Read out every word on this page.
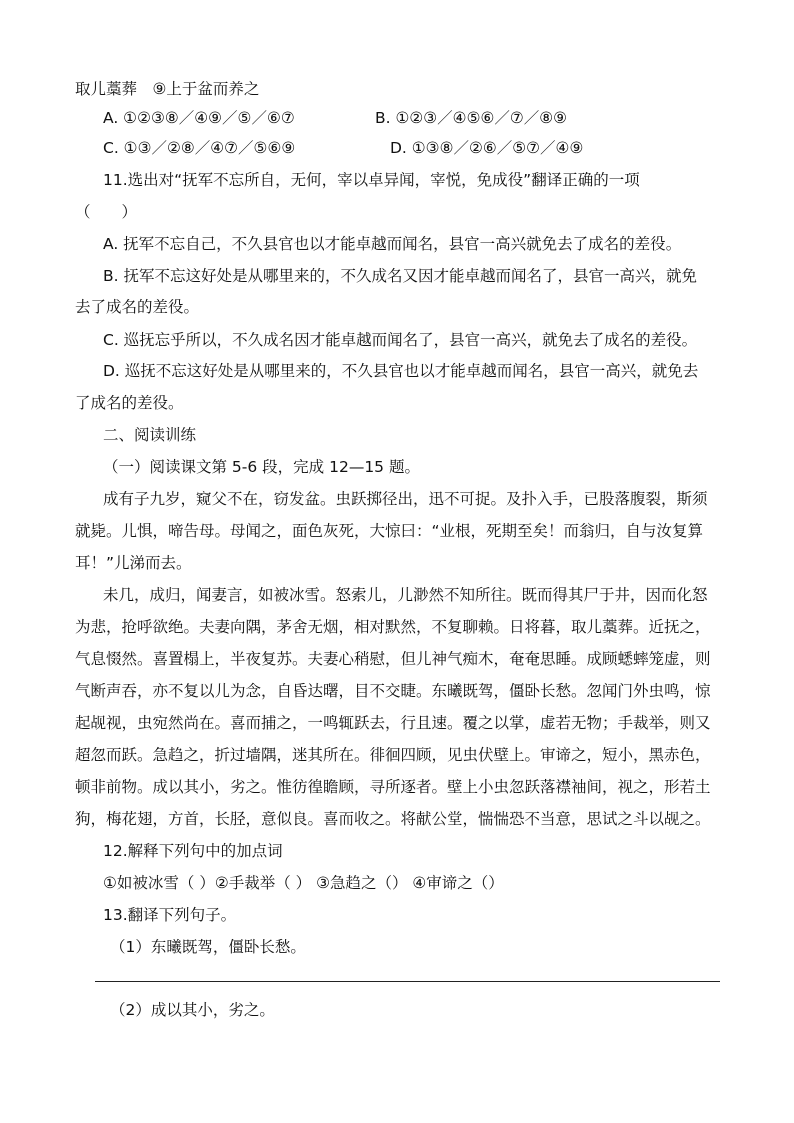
取儿藁葬　⑨上于盆而养之
A. ①②③⑧／④⑨／⑤／⑥⑦	B. ①②③／④⑤⑥／⑦／⑧⑨
C. ①③／②⑧／④⑦／⑤⑥⑨	D. ①③⑧／②⑥／⑤⑦／④⑨
11.选出对“抚军不忘所自，无何，宰以卓异闻，宰悦，免成役”翻译正确的一项
（　　）
A. 抚军不忘自己，不久县官也以才能卓越而闻名，县官一高兴就免去了成名的差役。
B. 抚军不忘这好处是从哪里来的，不久成名又因才能卓越而闻名了，县官一高兴，就免
去了成名的差役。
C. 巡抚忘乎所以，不久成名因才能卓越而闻名了，县官一高兴，就免去了成名的差役。
D. 巡抚不忘这好处是从哪里来的，不久县官也以才能卓越而闻名，县官一高兴，就免去
了成名的差役。
二、阅读训练
（一）阅读课文第 5-6 段，完成 12—15 题。
成有子九岁，窥父不在，窃发盆。虫跃掷径出，迅不可捉。及扑入手，已股落腹裂，斯须
就毙。儿惧，啼告母。母闻之，面色灰死，大惊曰：“业根，死期至矣！而翁归，自与汝复算
耳！”儿涕而去。
未几，成归，闻妻言，如被冰雪。怒索儿，儿渺然不知所往。既而得其尸于井，因而化怒
为悲，抢呼欲绝。夫妻向隅，茅舍无烟，相对默然，不复聊赖。日将暮，取儿藁葬。近抚之，
气息惙然。喜置榻上，半夜复苏。夫妻心稍慰，但儿神气痴木，奄奄思睡。成顾蟋蟀笼虚，则
气断声吞，亦不复以儿为念，自昏达曙，目不交睫。东曦既驾，僵卧长愁。忽闻门外虫鸣，惊
起觇视，虫宛然尚在。喜而捕之，一鸣辄跃去，行且速。覆之以掌，虚若无物；手裁举，则又
超忽而跃。急趋之，折过墙隅，迷其所在。徘徊四顾，见虫伏壁上。审谛之，短小，黑赤色，
顿非前物。成以其小，劣之。惟彷徨瞻顾，寻所逐者。壁上小虫忽跃落襟袖间，视之，形若土
狗，梅花翅，方首，长胫，意似良。喜而收之。将献公堂，惴惴恐不当意，思试之斗以觇之。
12.解释下列句中的加点词
①如被冰雪（ ）②手裁举（ ） ③急趋之（） ④审谛之（）
13.翻译下列句子。
（1）东曦既驾，僵卧长愁。
（2）成以其小，劣之。
